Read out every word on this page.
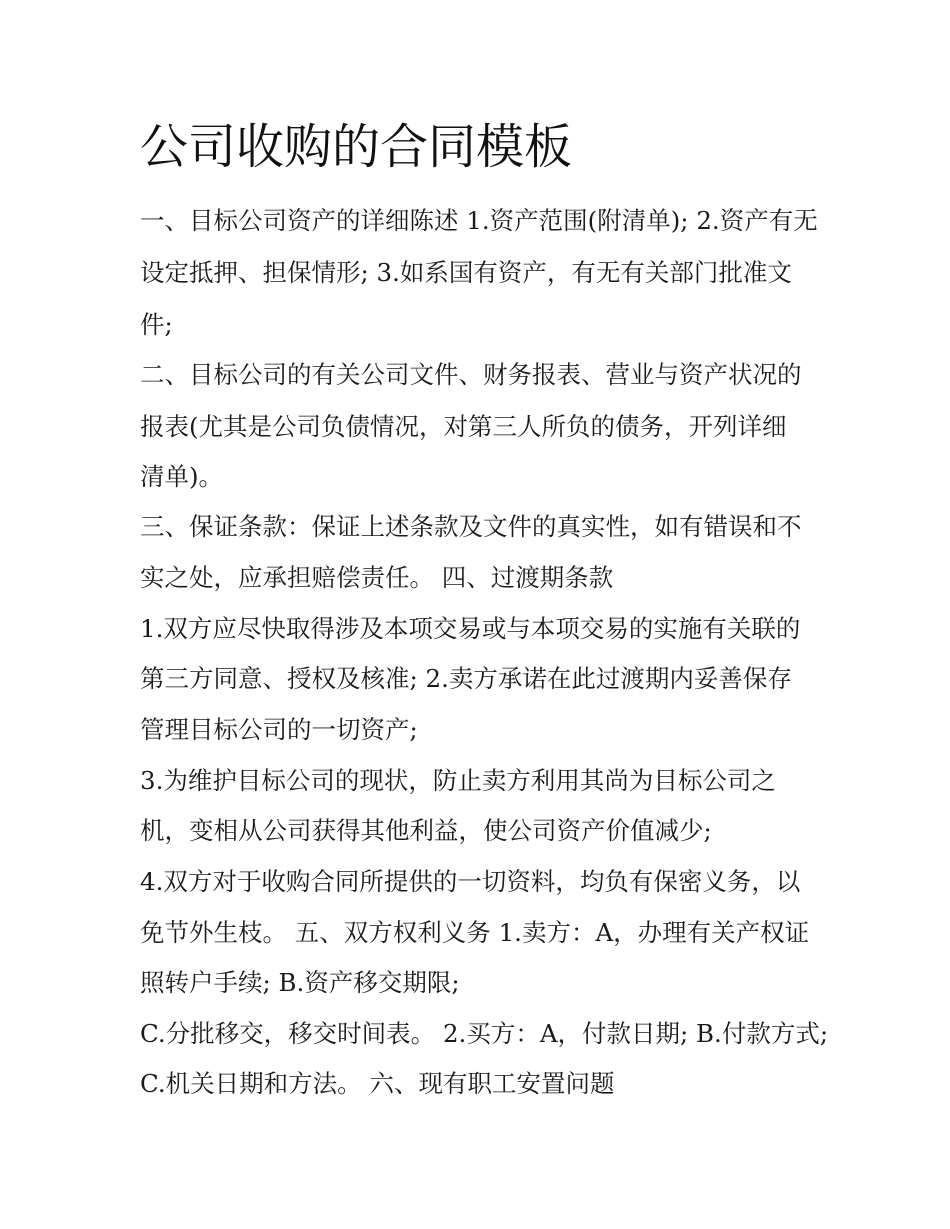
公司收购的合同模板

一、目标公司资产的详细陈述 1.资产范围(附清单); 2.资产有无

设定抵押、担保情形; 3.如系国有资产，有无有关部门批准文

件;

二、目标公司的有关公司文件、财务报表、营业与资产状况的

报表(尤其是公司负债情况，对第三人所负的债务，开列详细

清单)。

三、保证条款：保证上述条款及文件的真实性，如有错误和不

实之处，应承担赔偿责任。 四、过渡期条款

1.双方应尽快取得涉及本项交易或与本项交易的实施有关联的

第三方同意、授权及核准; 2.卖方承诺在此过渡期内妥善保存

管理目标公司的一切资产;

3.为维护目标公司的现状，防止卖方利用其尚为目标公司之

机，变相从公司获得其他利益，使公司资产价值减少;

4.双方对于收购合同所提供的一切资料，均负有保密义务，以

免节外生枝。 五、双方权利义务 1.卖方：A，办理有关产权证

照转户手续; B.资产移交期限;

C.分批移交，移交时间表。 2.买方：A，付款日期; B.付款方式;

C.机关日期和方法。 六、现有职工安置问题
